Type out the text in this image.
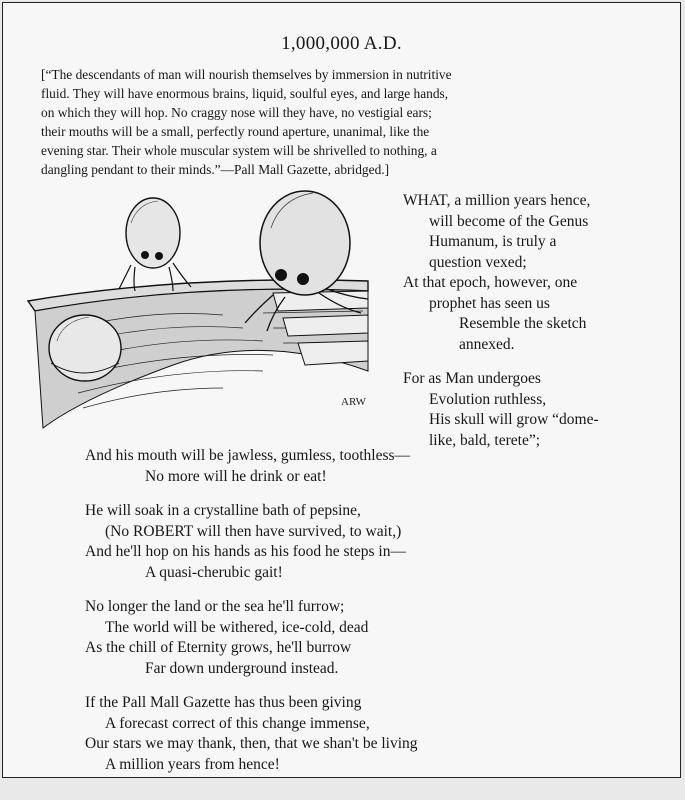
1,000,000 A.D.
[“The descendants of man will nourish themselves by immersion in nutritive
fluid. They will have enormous brains, liquid, soulful eyes, and large hands,
on which they will hop. No craggy nose will they have, no vestigial ears;
their mouths will be a small, perfectly round aperture, unanimal, like the
evening star. Their whole muscular system will be shrivelled to nothing, a
dangling pendant to their minds.”—Pall Mall Gazette, abridged.]
ARW
WHAT, a million years hence,
will become of the Genus
Humanum, is truly a
question vexed;
At that epoch, however, one
prophet has seen us
Resemble the sketch
annexed.
For as Man undergoes
Evolution ruthless,
His skull will grow “dome-
like, bald, terete”;
And his mouth will be jawless, gumless, toothless—
No more will he drink or eat!
He will soak in a crystalline bath of pepsine,
(No ROBERT will then have survived, to wait,)
And he'll hop on his hands as his food he steps in—
A quasi-cherubic gait!
No longer the land or the sea he'll furrow;
The world will be withered, ice-cold, dead
As the chill of Eternity grows, he'll burrow
Far down underground instead.
If the Pall Mall Gazette has thus been giving
A forecast correct of this change immense,
Our stars we may thank, then, that we shan't be living
A million years from hence!
